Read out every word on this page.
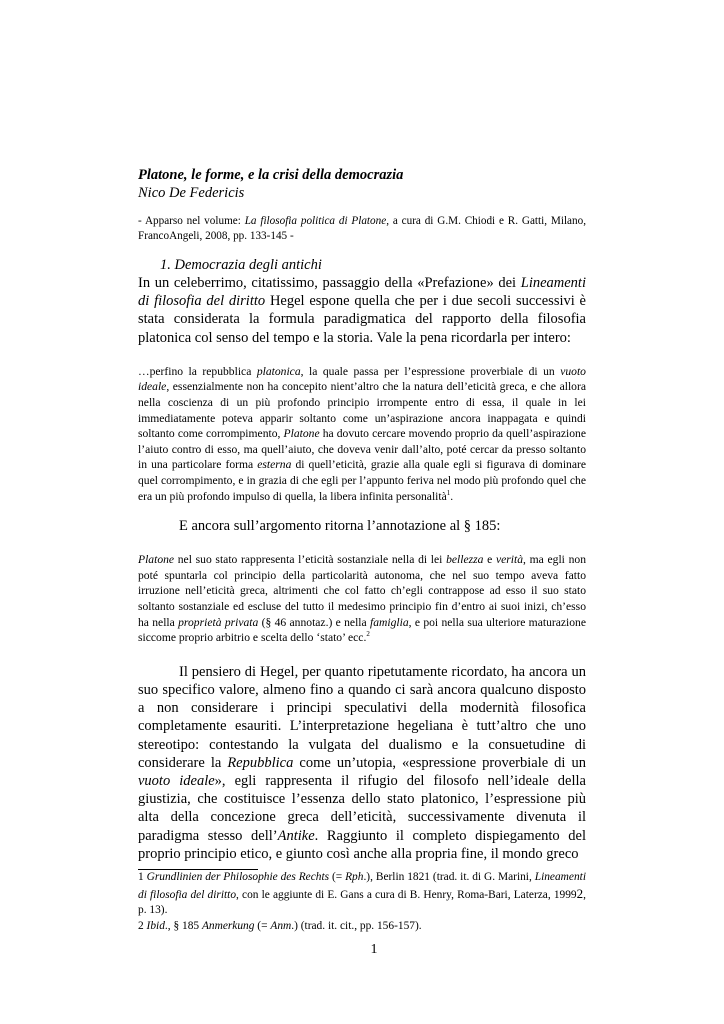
Platone, le forme, e la crisi della democrazia
Nico De Federicis
- Apparso nel volume: La filosofia politica di Platone, a cura di G.M. Chiodi e R. Gatti, Milano, FrancoAngeli, 2008, pp. 133-145 -
1. Democrazia degli antichi
In un celeberrimo, citatissimo, passaggio della «Prefazione» dei Lineamenti di filosofia del diritto Hegel espone quella che per i due secoli successivi è stata considerata la formula paradigmatica del rapporto della filosofia platonica col senso del tempo e la storia. Vale la pena ricordarla per intero:
…perfino la repubblica platonica, la quale passa per l’espressione proverbiale di un vuoto ideale, essenzialmente non ha concepito nient’altro che la natura dell’eticità greca, e che allora nella coscienza di un più profondo principio irrompente entro di essa, il quale in lei immediatamente poteva apparir soltanto come un’aspirazione ancora inappagata e quindi soltanto come corrompimento, Platone ha dovuto cercare movendo proprio da quell’aspirazione l’aiuto contro di esso, ma quell’aiuto, che doveva venir dall’alto, poté cercar da presso soltanto in una particolare forma esterna di quell’eticità, grazie alla quale egli si figurava di dominare quel corrompimento, e in grazia di che egli per l’appunto feriva nel modo più profondo quel che era un più profondo impulso di quella, la libera infinita personalità$^1$.
E ancora sull’argomento ritorna l’annotazione al § 185:
Platone nel suo stato rappresenta l’eticità sostanziale nella di lei bellezza e verità, ma egli non poté spuntarla col principio della particolarità autonoma, che nel suo tempo aveva fatto irruzione nell’eticità greca, altrimenti che col fatto ch’egli contrappose ad esso il suo stato soltanto sostanziale ed escluse del tutto il medesimo principio fin d’entro ai suoi inizi, ch’esso ha nella proprietà privata (§ 46 annotaz.) e nella famiglia, e poi nella sua ulteriore maturazione siccome proprio arbitrio e scelta dello ‘stato’ ecc.$^2$
Il pensiero di Hegel, per quanto ripetutamente ricordato, ha ancora un suo specifico valore, almeno fino a quando ci sarà ancora qualcuno disposto a non considerare i principi speculativi della modernità filosofica completamente esauriti. L’interpretazione hegeliana è tutt’altro che uno stereotipo: contestando la vulgata del dualismo e la consuetudine di considerare la Repubblica come un’utopia, «espressione proverbiale di un vuoto ideale», egli rappresenta il rifugio del filosofo nell’ideale della giustizia, che costituisce l’essenza dello stato platonico, l’espressione più alta della concezione greca dell’eticità, successivamente divenuta il paradigma stesso dell’Antike. Raggiunto il completo dispiegamento del proprio principio etico, e giunto così anche alla propria fine, il mondo greco
1 Grundlinien der Philosophie des Rechts (= Rph.), Berlin 1821 (trad. it. di G. Marini, Lineamenti di filosofia del diritto, con le aggiunte di E. Gans a cura di B. Henry, Roma-Bari, Laterza, 19992, p. 13).
2 Ibid., § 185 Anmerkung (= Anm.) (trad. it. cit., pp. 156-157).
1
